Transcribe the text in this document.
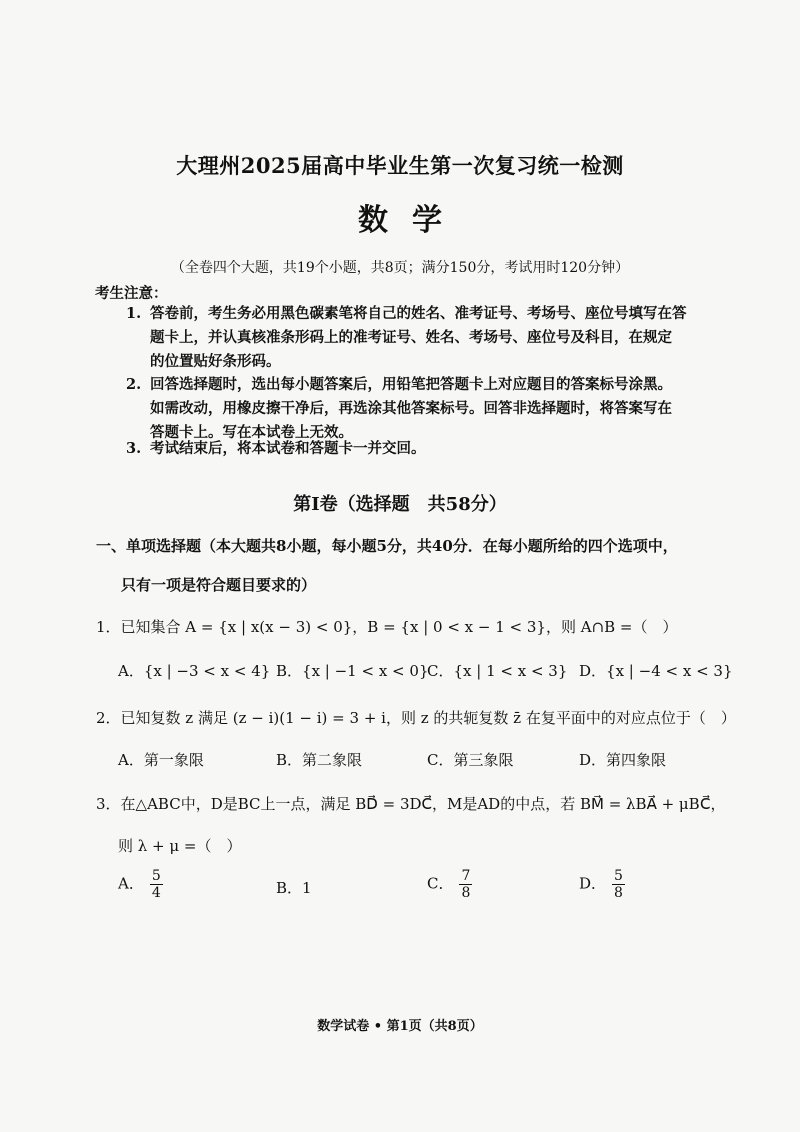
大理州2025届高中毕业生第一次复习统一检测
数学
（全卷四个大题，共19个小题，共8页；满分150分，考试用时120分钟）
考生注意：
1. 答卷前，考生务必用黑色碳素笔将自己的姓名、准考证号、考场号、座位号填写在答
题卡上，并认真核准条形码上的准考证号、姓名、考场号、座位号及科目，在规定
的位置贴好条形码。
2. 回答选择题时，选出每小题答案后，用铅笔把答题卡上对应题目的答案标号涂黑。
如需改动，用橡皮擦干净后，再选涂其他答案标号。回答非选择题时，将答案写在
答题卡上。写在本试卷上无效。
3. 考试结束后，将本试卷和答题卡一并交回。
第Ⅰ卷（选择题　共58分）
一、单项选择题（本大题共8小题，每小题5分，共40分．在每小题所给的四个选项中，
只有一项是符合题目要求的）
1．已知集合 A = {x | x(x − 3) < 0}，B = {x | 0 < x − 1 < 3}，则 A∩B =（　）
A．{x | −3 < x < 4} B．{x | −1 < x < 0}
C．{x | 1 < x < 3} D．{x | −4 < x < 3}
2．已知复数 z 满足 (z − i)(1 − i) = 3 + i，则 z 的共轭复数 z̄ 在复平面中的对应点位于（　）
A．第一象限	B．第二象限	C．第三象限	D．第四象限
3．在△ABC中，D是BC上一点，满足 BD⃗ = 3DC⃗，M是AD的中点，若 BM⃗ = λBA⃗ + μBC⃗，
则 λ + μ =（　）
A． $\frac{5}{4}$	B．1	C． $\frac{7}{8}$	D． $\frac{5}{8}$
数学试卷 • 第1页（共8页）
